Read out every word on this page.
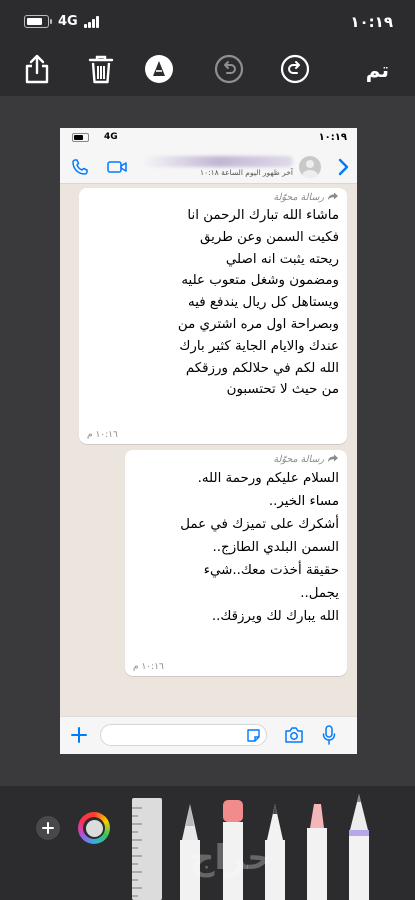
4G	١٠:١٩
تم
4G	١٠:١٩
آخر ظهور اليوم الساعة ١٠:١٨
رسالة محوّلة
ماشاء الله تبارك الرحمن انا
فكيت السمن وعن طريق
ريحته يثبت انه اصلي
ومضمون وشغل متعوب عليه
ويستاهل كل ريال يندفع فيه
وبصراحة اول مره اشتري من
عندك والايام الجاية كثير بارك
الله لكم في حلالكم ورزقكم
من حيث لا تحتسبون
١٠:١٦ م
رسالة محوّلة
السلام عليكم ورحمة الله.
مساء الخير..
أشكرك على تميزك في عمل
السمن البلدي الطازج..
حقيقة أخذت معك..شيء
يجمل..
الله يبارك لك ويرزقك..
١٠:١٦ م
حراج
